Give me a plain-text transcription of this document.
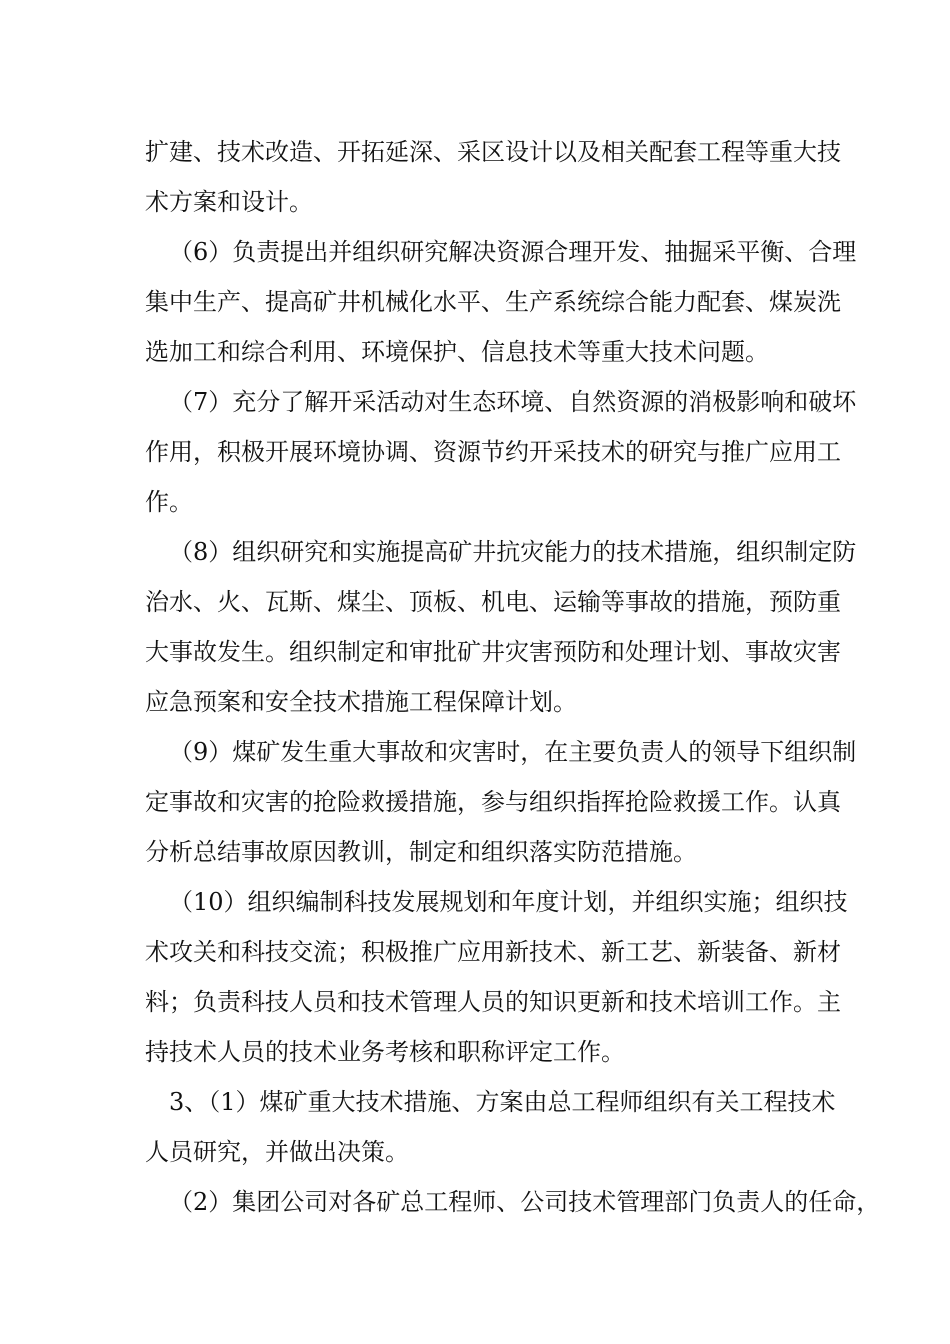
扩建、技术改造、开拓延深、采区设计以及相关配套工程等重大技
术方案和设计。
（6）负责提出并组织研究解决资源合理开发、抽掘采平衡、合理
集中生产、提高矿井机械化水平、生产系统综合能力配套、煤炭洗
选加工和综合利用、环境保护、信息技术等重大技术问题。
（7）充分了解开采活动对生态环境、自然资源的消极影响和破坏
作用，积极开展环境协调、资源节约开采技术的研究与推广应用工
作。
（8）组织研究和实施提高矿井抗灾能力的技术措施，组织制定防
治水、火、瓦斯、煤尘、顶板、机电、运输等事故的措施，预防重
大事故发生。组织制定和审批矿井灾害预防和处理计划、事故灾害
应急预案和安全技术措施工程保障计划。
（9）煤矿发生重大事故和灾害时，在主要负责人的领导下组织制
定事故和灾害的抢险救援措施，参与组织指挥抢险救援工作。认真
分析总结事故原因教训，制定和组织落实防范措施。
（10）组织编制科技发展规划和年度计划，并组织实施；组织技
术攻关和科技交流；积极推广应用新技术、新工艺、新装备、新材
料；负责科技人员和技术管理人员的知识更新和技术培训工作。主
持技术人员的技术业务考核和职称评定工作。
3、（1）煤矿重大技术措施、方案由总工程师组织有关工程技术
人员研究，并做出决策。
（2）集团公司对各矿总工程师、公司技术管理部门负责人的任命，
